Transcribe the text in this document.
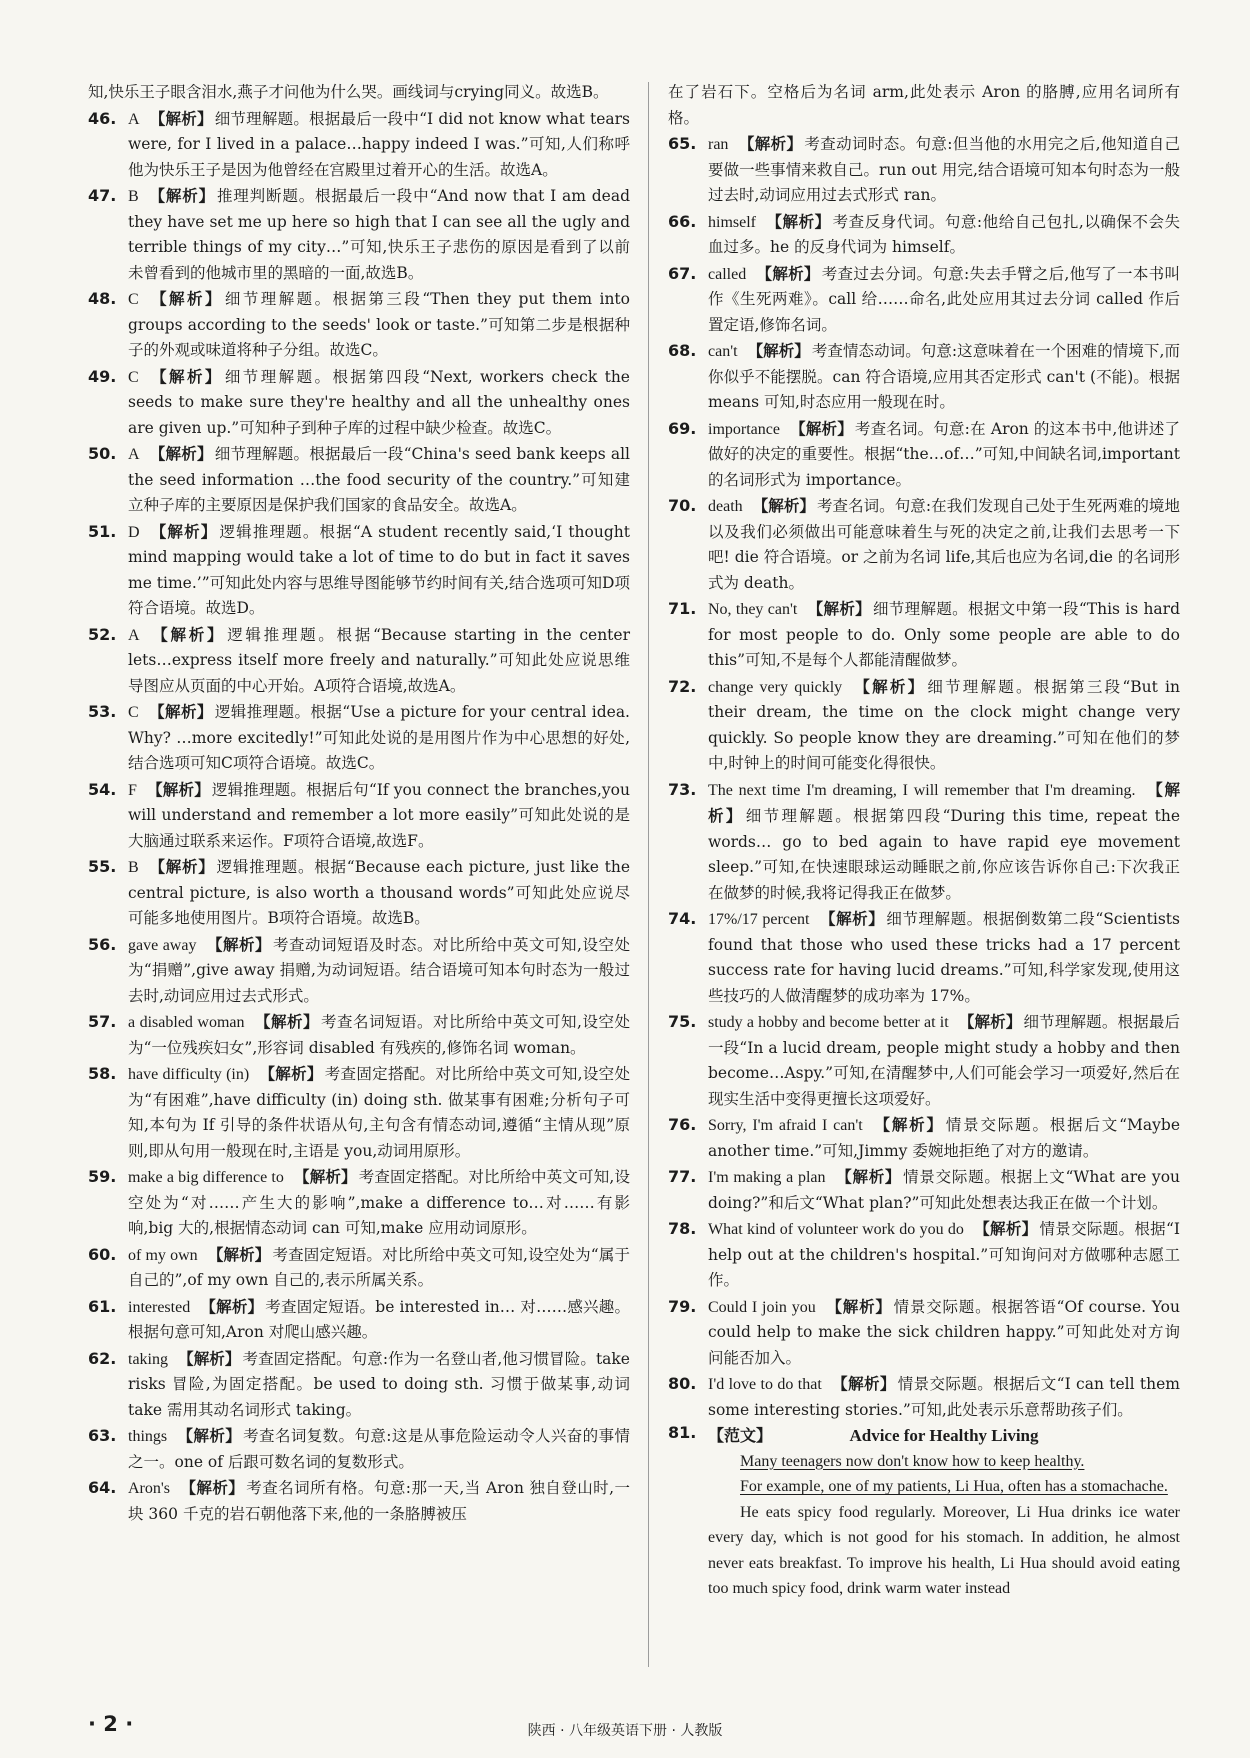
知,快乐王子眼含泪水,燕子才问他为什么哭。画线词与crying同义。故选B。

46. A 【解析】 细节理解题。根据最后一段中“I did not know what tears were, for I lived in a palace…happy indeed I was.”可知,人们称呼他为快乐王子是因为他曾经在宫殿里过着开心的生活。故选A。

47. B 【解析】 推理判断题。根据最后一段中“And now that I am dead they have set me up here so high that I can see all the ugly and terrible things of my city…”可知,快乐王子悲伤的原因是看到了以前未曾看到的他城市里的黑暗的一面,故选B。

48. C 【解析】 细节理解题。根据第三段“Then they put them into groups according to the seeds' look or taste.”可知第二步是根据种子的外观或味道将种子分组。故选C。

49. C 【解析】 细节理解题。根据第四段“Next, workers check the seeds to make sure they're healthy and all the unhealthy ones are given up.”可知种子到种子库的过程中缺少检查。故选C。

50. A 【解析】 细节理解题。根据最后一段“China's seed bank keeps all the seed information …the food security of the country.”可知建立种子库的主要原因是保护我们国家的食品安全。故选A。

51. D 【解析】 逻辑推理题。根据“A student recently said,‘I thought mind mapping would take a lot of time to do but in fact it saves me time.’”可知此处内容与思维导图能够节约时间有关,结合选项可知D项符合语境。故选D。

52. A 【解析】 逻辑推理题。根据“Because starting in the center lets…express itself more freely and naturally.”可知此处应说思维导图应从页面的中心开始。A项符合语境,故选A。

53. C 【解析】 逻辑推理题。根据“Use a picture for your central idea. Why? …more excitedly!”可知此处说的是用图片作为中心思想的好处,结合选项可知C项符合语境。故选C。

54. F 【解析】 逻辑推理题。根据后句“If you connect the branches,you will understand and remember a lot more easily”可知此处说的是大脑通过联系来运作。F项符合语境,故选F。

55. B 【解析】 逻辑推理题。根据“Because each picture, just like the central picture, is also worth a thousand words”可知此处应说尽可能多地使用图片。B项符合语境。故选B。

56. gave away 【解析】 考查动词短语及时态。对比所给中英文可知,设空处为“捐赠”,give away 捐赠,为动词短语。结合语境可知本句时态为一般过去时,动词应用过去式形式。

57. a disabled woman 【解析】 考查名词短语。对比所给中英文可知,设空处为“一位残疾妇女”,形容词 disabled 有残疾的,修饰名词 woman。

58. have difficulty (in) 【解析】 考查固定搭配。对比所给中英文可知,设空处为“有困难”,have difficulty (in) doing sth. 做某事有困难;分析句子可知,本句为 If 引导的条件状语从句,主句含有情态动词,遵循“主情从现”原则,即从句用一般现在时,主语是 you,动词用原形。

59. make a big difference to 【解析】 考查固定搭配。对比所给中英文可知,设空处为“对……产生大的影响”,make a difference to…对……有影响,big 大的,根据情态动词 can 可知,make 应用动词原形。

60. of my own 【解析】 考查固定短语。对比所给中英文可知,设空处为“属于自己的”,of my own 自己的,表示所属关系。

61. interested 【解析】 考查固定短语。be interested in… 对……感兴趣。根据句意可知,Aron 对爬山感兴趣。

62. taking 【解析】 考查固定搭配。句意:作为一名登山者,他习惯冒险。take risks 冒险,为固定搭配。be used to doing sth. 习惯于做某事,动词 take 需用其动名词形式 taking。

63. things 【解析】 考查名词复数。句意:这是从事危险运动令人兴奋的事情之一。one of 后跟可数名词的复数形式。

64. Aron's 【解析】 考查名词所有格。句意:那一天,当 Aron 独自登山时,一块 360 千克的岩石朝他落下来,他的一条胳膊被压

在了岩石下。空格后为名词 arm,此处表示 Aron 的胳膊,应用名词所有格。

65. ran 【解析】 考查动词时态。句意:但当他的水用完之后,他知道自己要做一些事情来救自己。run out 用完,结合语境可知本句时态为一般过去时,动词应用过去式形式 ran。

66. himself 【解析】 考查反身代词。句意:他给自己包扎,以确保不会失血过多。he 的反身代词为 himself。

67. called 【解析】 考查过去分词。句意:失去手臂之后,他写了一本书叫作《生死两难》。call 给……命名,此处应用其过去分词 called 作后置定语,修饰名词。

68. can't 【解析】 考查情态动词。句意:这意味着在一个困难的情境下,而你似乎不能摆脱。can 符合语境,应用其否定形式 can't (不能)。根据 means 可知,时态应用一般现在时。

69. importance 【解析】 考查名词。句意:在 Aron 的这本书中,他讲述了做好的决定的重要性。根据“the…of…”可知,中间缺名词,important 的名词形式为 importance。

70. death 【解析】 考查名词。句意:在我们发现自己处于生死两难的境地以及我们必须做出可能意味着生与死的决定之前,让我们去思考一下吧! die 符合语境。or 之前为名词 life,其后也应为名词,die 的名词形式为 death。

71. No, they can't 【解析】 细节理解题。根据文中第一段“This is hard for most people to do. Only some people are able to do this”可知,不是每个人都能清醒做梦。

72. change very quickly 【解析】 细节理解题。根据第三段“But in their dream, the time on the clock might change very quickly. So people know they are dreaming.”可知在他们的梦中,时钟上的时间可能变化得很快。

73. The next time I'm dreaming, I will remember that I'm dreaming. 【解析】 细节理解题。根据第四段“During this time, repeat the words… go to bed again to have rapid eye movement sleep.”可知,在快速眼球运动睡眠之前,你应该告诉你自己:下次我正在做梦的时候,我将记得我正在做梦。

74. 17%/17 percent 【解析】 细节理解题。根据倒数第二段“Scientists found that those who used these tricks had a 17 percent success rate for having lucid dreams.”可知,科学家发现,使用这些技巧的人做清醒梦的成功率为 17%。

75. study a hobby and become better at it 【解析】 细节理解题。根据最后一段“In a lucid dream, people might study a hobby and then become…Aspy.”可知,在清醒梦中,人们可能会学习一项爱好,然后在现实生活中变得更擅长这项爱好。

76. Sorry, I'm afraid I can't 【解析】 情景交际题。根据后文“Maybe another time.”可知,Jimmy 委婉地拒绝了对方的邀请。

77. I'm making a plan 【解析】 情景交际题。根据上文“What are you doing?”和后文“What plan?”可知此处想表达我正在做一个计划。

78. What kind of volunteer work do you do 【解析】 情景交际题。根据“I help out at the children's hospital.”可知询问对方做哪种志愿工作。

79. Could I join you 【解析】 情景交际题。根据答语“Of course. You could help to make the sick children happy.”可知此处对方询问能否加入。

80. I'd love to do that 【解析】 情景交际题。根据后文“I can tell them some interesting stories.”可知,此处表示乐意帮助孩子们。

81. 【范文】	Advice for Healthy Living

Many teenagers now don't know how to keep healthy.

For example, one of my patients, Li Hua, often has a stomachache.

He eats spicy food regularly. Moreover, Li Hua drinks ice water every day, which is not good for his stomach. In addition, he almost never eats breakfast. To improve his health, Li Hua should avoid eating too much spicy food, drink warm water instead

· 2 ·	陕西 · 八年级英语下册 · 人教版
